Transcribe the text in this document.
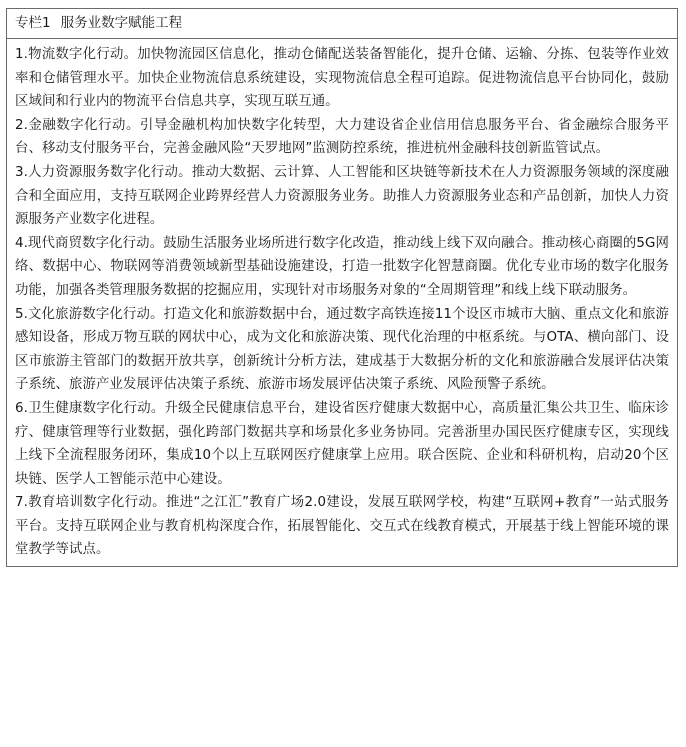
专栏1 服务业数字赋能工程

1.物流数字化行动。加快物流园区信息化，推动仓储配送装备智能化，提升仓储、运输、分拣、包装等作业效率和仓储管理水平。加快企业物流信息系统建设，实现物流信息全程可追踪。促进物流信息平台协同化，鼓励区域间和行业内的物流平台信息共享，实现互联互通。

2.金融数字化行动。引导金融机构加快数字化转型，大力建设省企业信用信息服务平台、省金融综合服务平台、移动支付服务平台，完善金融风险“天罗地网”监测防控系统，推进杭州金融科技创新监管试点。

3.人力资源服务数字化行动。推动大数据、云计算、人工智能和区块链等新技术在人力资源服务领域的深度融合和全面应用，支持互联网企业跨界经营人力资源服务业务。助推人力资源服务业态和产品创新，加快人力资源服务产业数字化进程。

4.现代商贸数字化行动。鼓励生活服务业场所进行数字化改造，推动线上线下双向融合。推动核心商圈的5G网络、数据中心、物联网等消费领域新型基础设施建设，打造一批数字化智慧商圈。优化专业市场的数字化服务功能，加强各类管理服务数据的挖掘应用，实现针对市场服务对象的“全周期管理”和线上线下联动服务。

5.文化旅游数字化行动。打造文化和旅游数据中台，通过数字高铁连接11个设区市城市大脑、重点文化和旅游感知设备，形成万物互联的网状中心，成为文化和旅游决策、现代化治理的中枢系统。与OTA、横向部门、设区市旅游主管部门的数据开放共享，创新统计分析方法，建成基于大数据分析的文化和旅游融合发展评估决策子系统、旅游产业发展评估决策子系统、旅游市场发展评估决策子系统、风险预警子系统。

6.卫生健康数字化行动。升级全民健康信息平台，建设省医疗健康大数据中心，高质量汇集公共卫生、临床诊疗、健康管理等行业数据，强化跨部门数据共享和场景化多业务协同。完善浙里办国民医疗健康专区，实现线上线下全流程服务闭环，集成10个以上互联网医疗健康掌上应用。联合医院、企业和科研机构，启动20个区块链、医学人工智能示范中心建设。

7.教育培训数字化行动。推进“之江汇”教育广场2.0建设，发展互联网学校，构建“互联网+教育”一站式服务平台。支持互联网企业与教育机构深度合作，拓展智能化、交互式在线教育模式，开展基于线上智能环境的课堂教学等试点。
